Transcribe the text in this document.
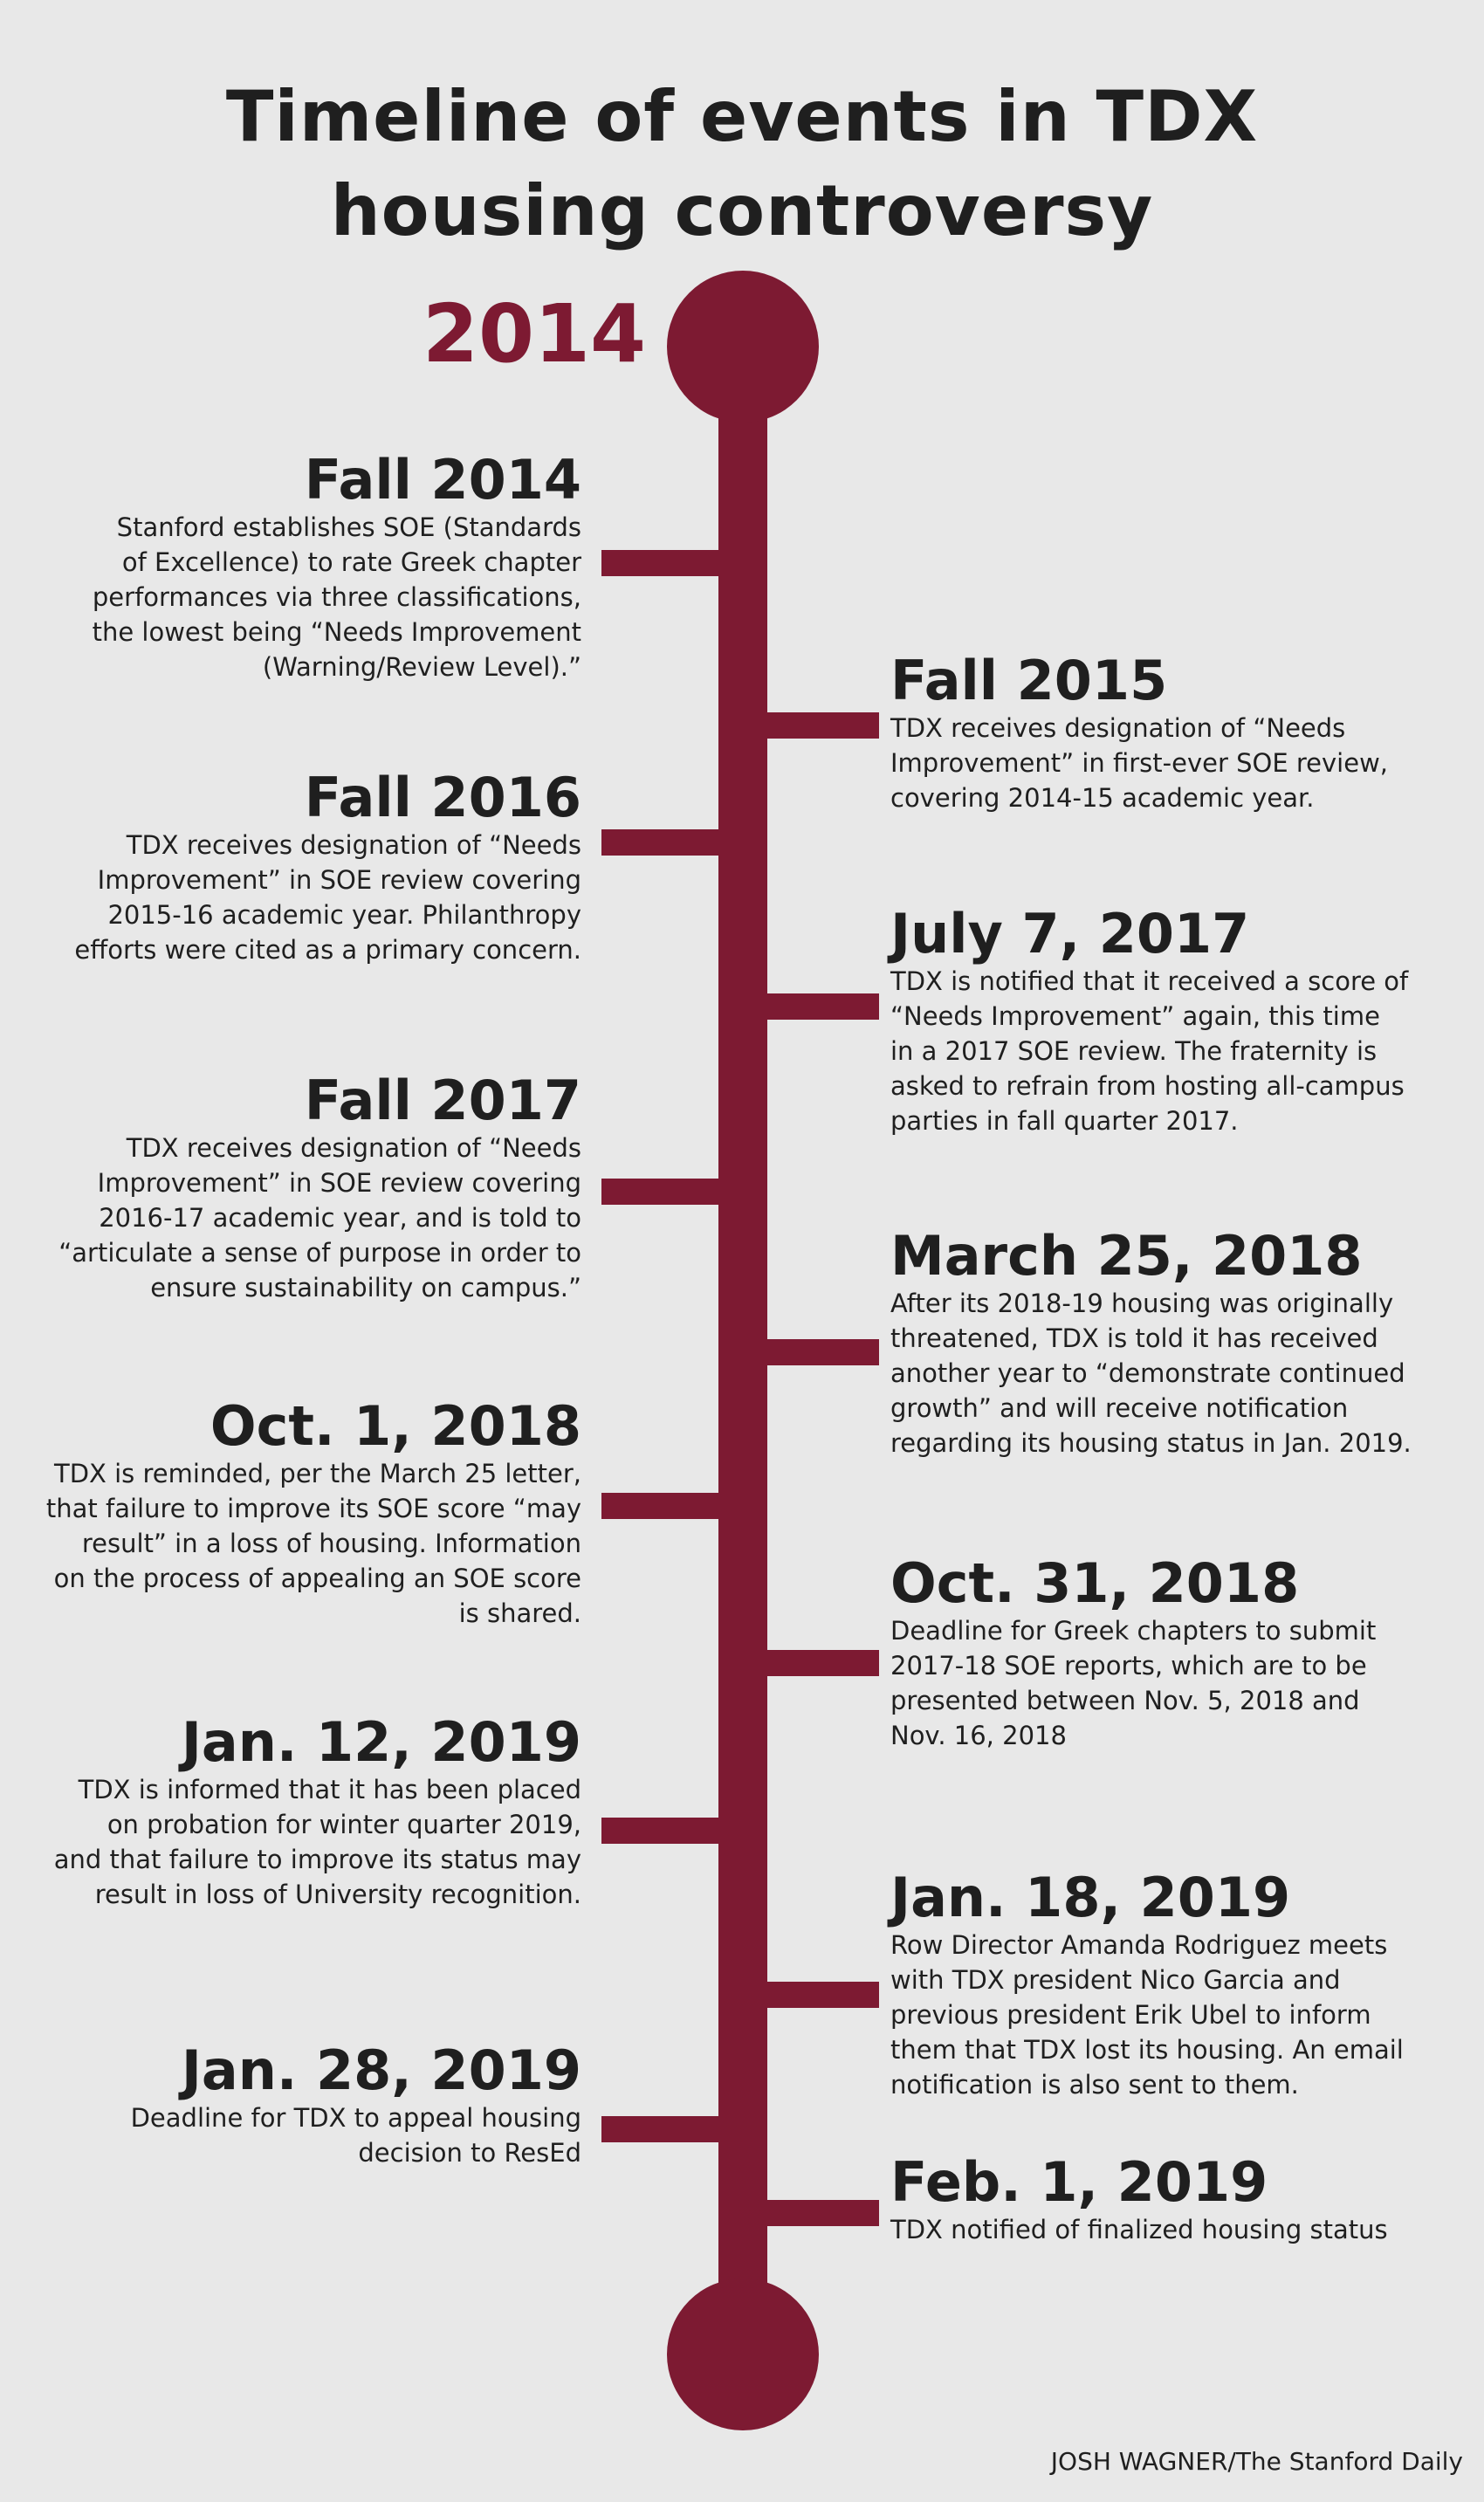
Timeline of events in TDX
housing controversy
2014
Fall 2014
Stanford establishes SOE (Standards
of Excellence) to rate Greek chapter
performances via three classifications,
the lowest being “Needs Improvement
(Warning/Review Level).”
Fall 2016
TDX receives designation of “Needs
Improvement” in SOE review covering
2015-16 academic year. Philanthropy
efforts were cited as a primary concern.
Fall 2017
TDX receives designation of “Needs
Improvement” in SOE review covering
2016-17 academic year, and is told to
“articulate a sense of purpose in order to
ensure sustainability on campus.”
Oct. 1, 2018
TDX is reminded, per the March 25 letter,
that failure to improve its SOE score “may
result” in a loss of housing. Information
on the process of appealing an SOE score
is shared.
Jan. 12, 2019
TDX is informed that it has been placed
on probation for winter quarter 2019,
and that failure to improve its status may
result in loss of University recognition.
Jan. 28, 2019
Deadline for TDX to appeal housing
decision to ResEd
Fall 2015
TDX receives designation of “Needs
Improvement” in first-ever SOE review,
covering 2014-15 academic year.
July 7, 2017
TDX is notified that it received a score of
“Needs Improvement” again, this time
in a 2017 SOE review. The fraternity is
asked to refrain from hosting all-campus
parties in fall quarter 2017.
March 25, 2018
After its 2018-19 housing was originally
threatened, TDX is told it has received
another year to “demonstrate continued
growth” and will receive notification
regarding its housing status in Jan. 2019.
Oct. 31, 2018
Deadline for Greek chapters to submit
2017-18 SOE reports, which are to be
presented between Nov. 5, 2018 and
Nov. 16, 2018
Jan. 18, 2019
Row Director Amanda Rodriguez meets
with TDX president Nico Garcia and
previous president Erik Ubel to inform
them that TDX lost its housing. An email
notification is also sent to them.
Feb. 1, 2019
TDX notified of finalized housing status
JOSH WAGNER/The Stanford Daily
